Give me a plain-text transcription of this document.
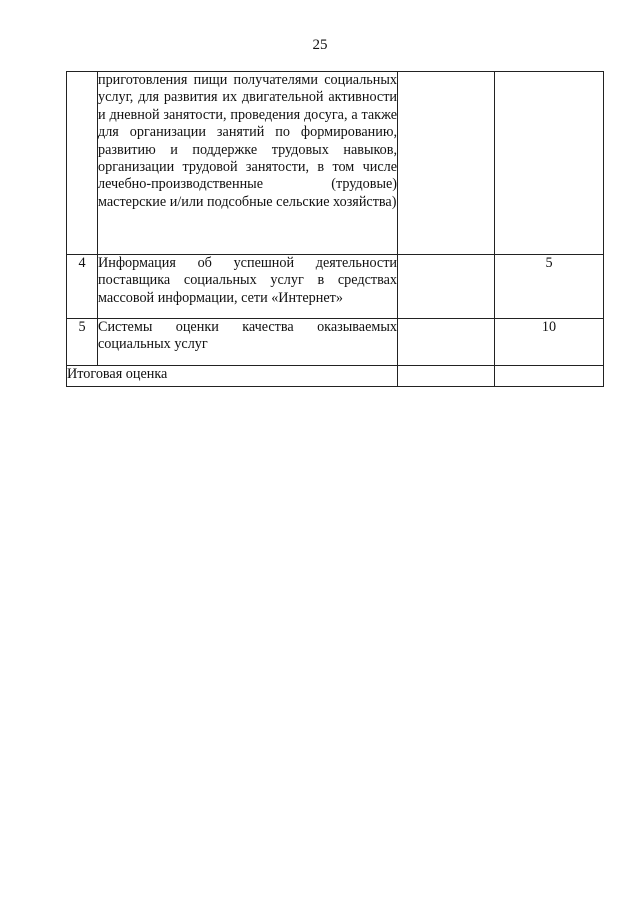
25

	приготовления пищи получателями социальных услуг, для развития их двигательной активности и дневной занятости, проведения досуга, а также для организации занятий по формированию, развитию и поддержке трудовых навыков, организации трудовой занятости, в том числе лечебно-производственные (трудовые) мастерские и/или подсобные сельские хозяйства)		

4	Информация об успешной деятельности поставщика социальных услуг в средствах массовой информации, сети «Интернет»		5
5	Системы оценки качества оказываемых социальных услуг		10
Итоговая оценка			
